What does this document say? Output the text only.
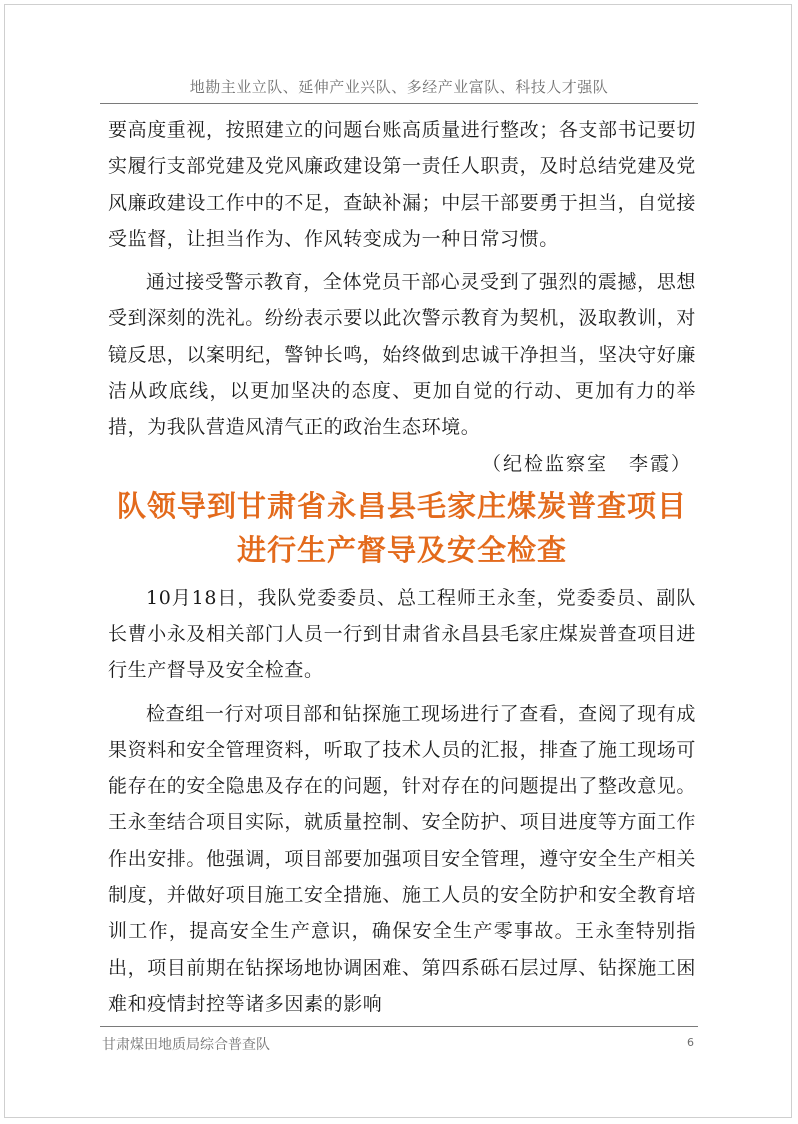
地勘主业立队、延伸产业兴队、多经产业富队、科技人才强队

要高度重视，按照建立的问题台账高质量进行整改；各支部书记要切实履行支部党建及党风廉政建设第一责任人职责，及时总结党建及党风廉政建设工作中的不足，查缺补漏；中层干部要勇于担当，自觉接受监督，让担当作为、作风转变成为一种日常习惯。

通过接受警示教育，全体党员干部心灵受到了强烈的震撼，思想受到深刻的洗礼。纷纷表示要以此次警示教育为契机，汲取教训，对镜反思，以案明纪，警钟长鸣，始终做到忠诚干净担当，坚决守好廉洁从政底线，以更加坚决的态度、更加自觉的行动、更加有力的举措，为我队营造风清气正的政治生态环境。

（纪检监察室　李霞）

队领导到甘肃省永昌县毛家庄煤炭普查项目
进行生产督导及安全检查

10月18日，我队党委委员、总工程师王永奎，党委委员、副队长曹小永及相关部门人员一行到甘肃省永昌县毛家庄煤炭普查项目进行生产督导及安全检查。

检查组一行对项目部和钻探施工现场进行了查看，查阅了现有成果资料和安全管理资料，听取了技术人员的汇报，排查了施工现场可能存在的安全隐患及存在的问题，针对存在的问题提出了整改意见。王永奎结合项目实际，就质量控制、安全防护、项目进度等方面工作作出安排。他强调，项目部要加强项目安全管理，遵守安全生产相关制度，并做好项目施工安全措施、施工人员的安全防护和安全教育培训工作，提高安全生产意识，确保安全生产零事故。王永奎特别指出，项目前期在钻探场地协调困难、第四系砾石层过厚、钻探施工困难和疫情封控等诸多因素的影响

甘肃煤田地质局综合普查队	6
